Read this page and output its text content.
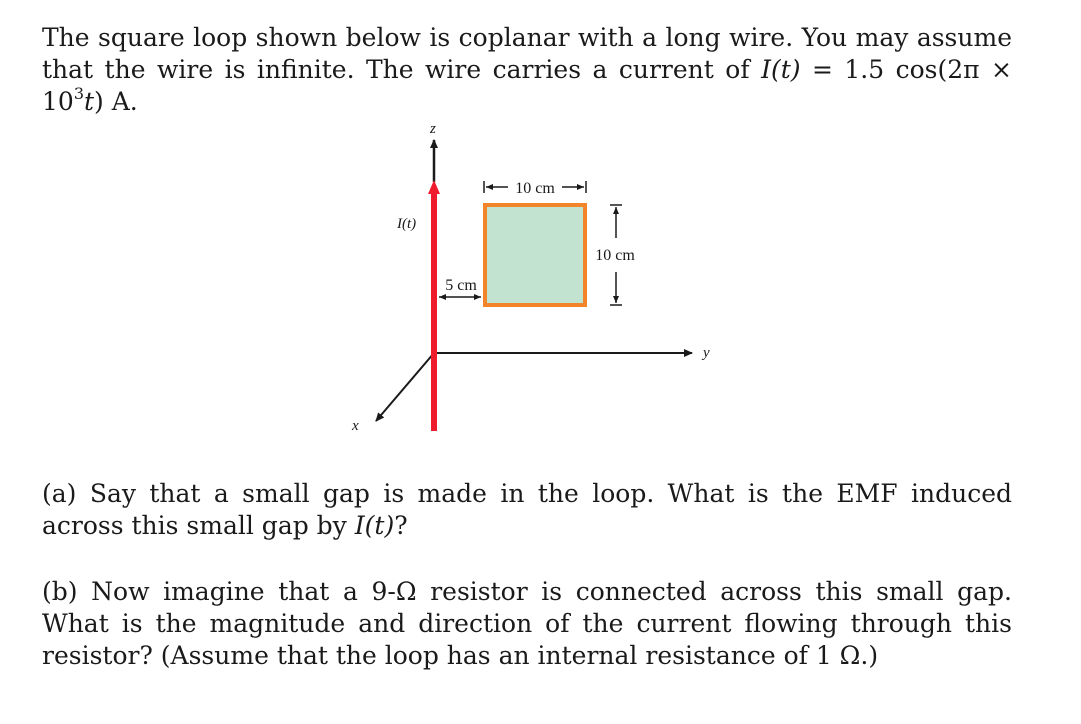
The square loop shown below is coplanar with a long wire. You may assume that the wire is infinite. The wire carries a current of I(t) = 1.5 $\cos(2\pi \times 10^3t)$ A.

z
y
x
I(t)
10 cm
10 cm
5 cm

(a) Say that a small gap is made in the loop. What is the EMF induced across this small gap by I(t)?

(b) Now imagine that a 9-Ω resistor is connected across this small gap. What is the magnitude and direction of the current flowing through this resistor? (Assume that the loop has an internal resistance of 1 Ω.)
